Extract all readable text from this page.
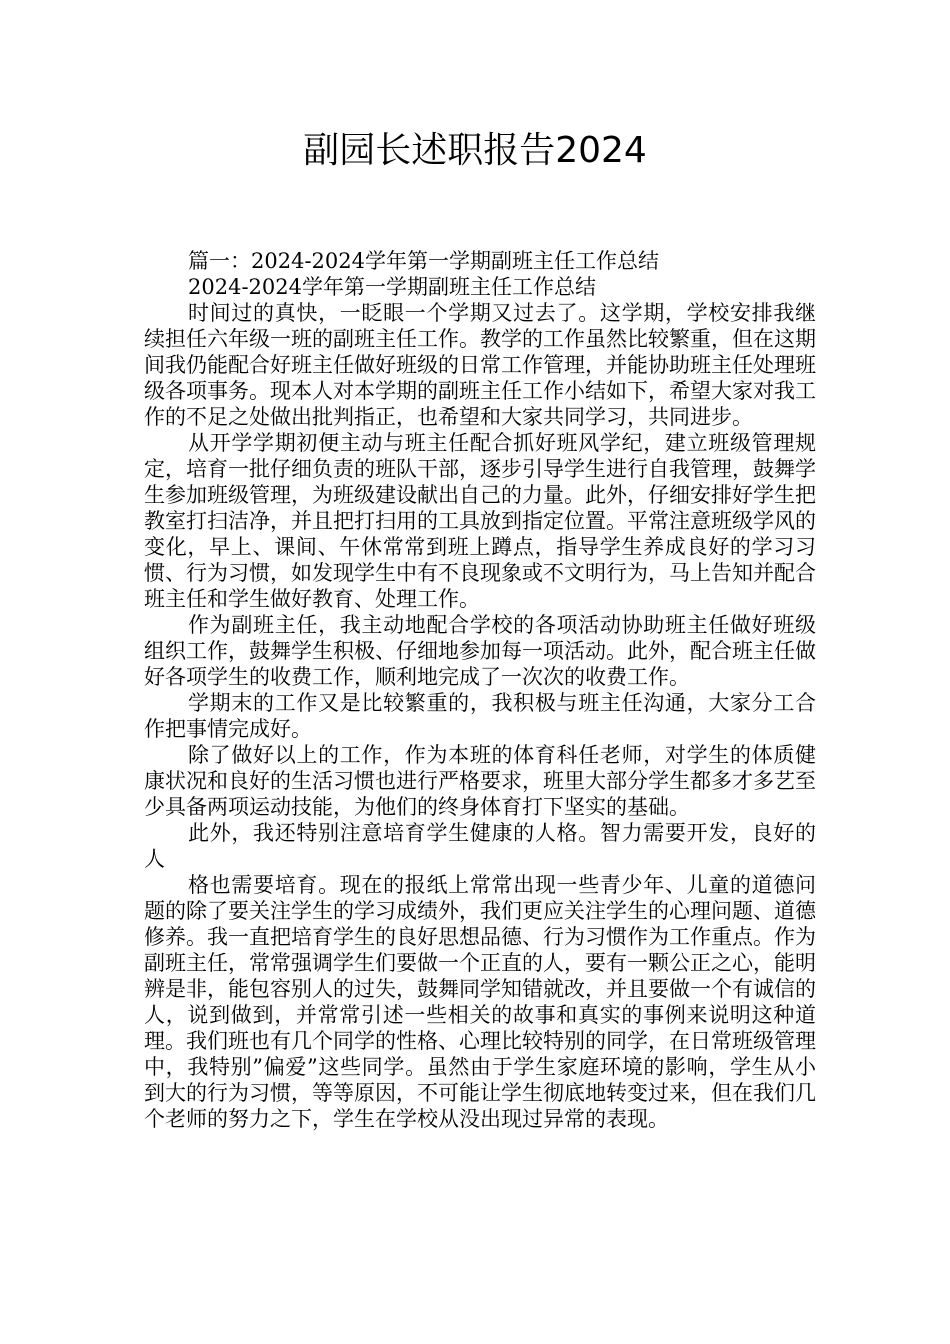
副园长述职报告2024

篇一：2024-2024学年第一学期副班主任工作总结

2024-2024学年第一学期副班主任工作总结

时间过的真快，一眨眼一个学期又过去了。这学期，学校安排我继续担任六年级一班的副班主任工作。教学的工作虽然比较繁重，但在这期间我仍能配合好班主任做好班级的日常工作管理，并能协助班主任处理班级各项事务。现本人对本学期的副班主任工作小结如下，希望大家对我工作的不足之处做出批判指正，也希望和大家共同学习，共同进步。

从开学学期初便主动与班主任配合抓好班风学纪，建立班级管理规定，培育一批仔细负责的班队干部，逐步引导学生进行自我管理，鼓舞学生参加班级管理，为班级建设献出自己的力量。此外，仔细安排好学生把教室打扫洁净，并且把打扫用的工具放到指定位置。平常注意班级学风的变化，早上、课间、午休常常到班上蹲点，指导学生养成良好的学习习惯、行为习惯，如发现学生中有不良现象或不文明行为，马上告知并配合班主任和学生做好教育、处理工作。

作为副班主任，我主动地配合学校的各项活动协助班主任做好班级组织工作，鼓舞学生积极、仔细地参加每一项活动。此外，配合班主任做好各项学生的收费工作，顺利地完成了一次次的收费工作。

学期末的工作又是比较繁重的，我积极与班主任沟通，大家分工合作把事情完成好。

除了做好以上的工作，作为本班的体育科任老师，对学生的体质健康状况和良好的生活习惯也进行严格要求，班里大部分学生都多才多艺至少具备两项运动技能，为他们的终身体育打下坚实的基础。

此外，我还特别注意培育学生健康的人格。智力需要开发，良好的人

格也需要培育。现在的报纸上常常出现一些青少年、儿童的道德问题的除了要关注学生的学习成绩外，我们更应关注学生的心理问题、道德修养。我一直把培育学生的良好思想品德、行为习惯作为工作重点。作为副班主任，常常强调学生们要做一个正直的人，要有一颗公正之心，能明辨是非，能包容别人的过失，鼓舞同学知错就改，并且要做一个有诚信的人，说到做到，并常常引述一些相关的故事和真实的事例来说明这种道理。我们班也有几个同学的性格、心理比较特别的同学，在日常班级管理中，我特别”偏爱”这些同学。虽然由于学生家庭环境的影响，学生从小到大的行为习惯，等等原因，不可能让学生彻底地转变过来，但在我们几个老师的努力之下，学生在学校从没出现过异常的表现。
